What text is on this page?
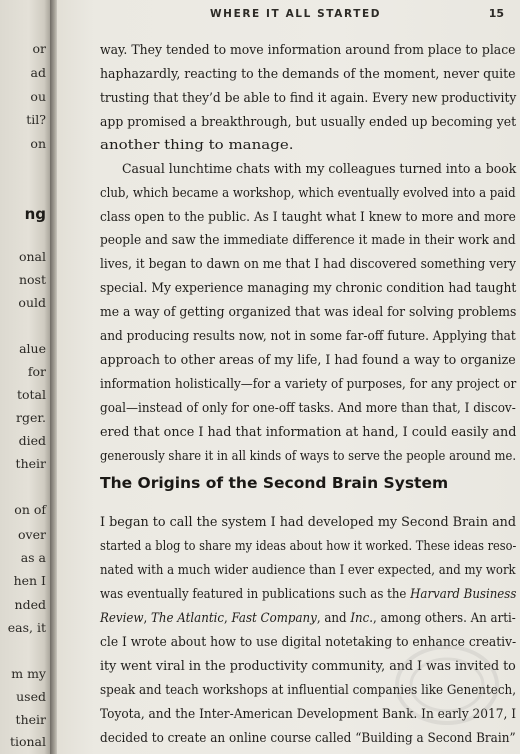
or
ad
ou
til?
on
ng
onal
nost
ould
alue
for
total
rger.
died
their
on of
over
as a
hen I
nded
eas, it
m my
used
their
tional
WHERE IT ALL STARTED	15
way. They tended to move information around from place to place
haphazardly, reacting to the demands of the moment, never quite
trusting that they’d be able to find it again. Every new productivity
app promised a breakthrough, but usually ended up becoming yet
another thing to manage.
Casual lunchtime chats with my colleagues turned into a book
club, which became a workshop, which eventually evolved into a paid
class open to the public. As I taught what I knew to more and more
people and saw the immediate difference it made in their work and
lives, it began to dawn on me that I had discovered something very
special. My experience managing my chronic condition had taught
me a way of getting organized that was ideal for solving problems
and producing results now, not in some far-off future. Applying that
approach to other areas of my life, I had found a way to organize
information holistically—for a variety of purposes, for any project or
goal—instead of only for one-off tasks. And more than that, I discov-
ered that once I had that information at hand, I could easily and
generously share it in all kinds of ways to serve the people around me.
The Origins of the Second Brain System
I began to call the system I had developed my Second Brain and
started a blog to share my ideas about how it worked. These ideas reso-
nated with a much wider audience than I ever expected, and my work
was eventually featured in publications such as the Harvard Business
Review, The Atlantic, Fast Company, and Inc., among others. An arti-
cle I wrote about how to use digital notetaking to enhance creativ-
ity went viral in the productivity community, and I was invited to
speak and teach workshops at influential companies like Genentech,
Toyota, and the Inter-American Development Bank. In early 2017, I
decided to create an online course called “Building a Second Brain”
